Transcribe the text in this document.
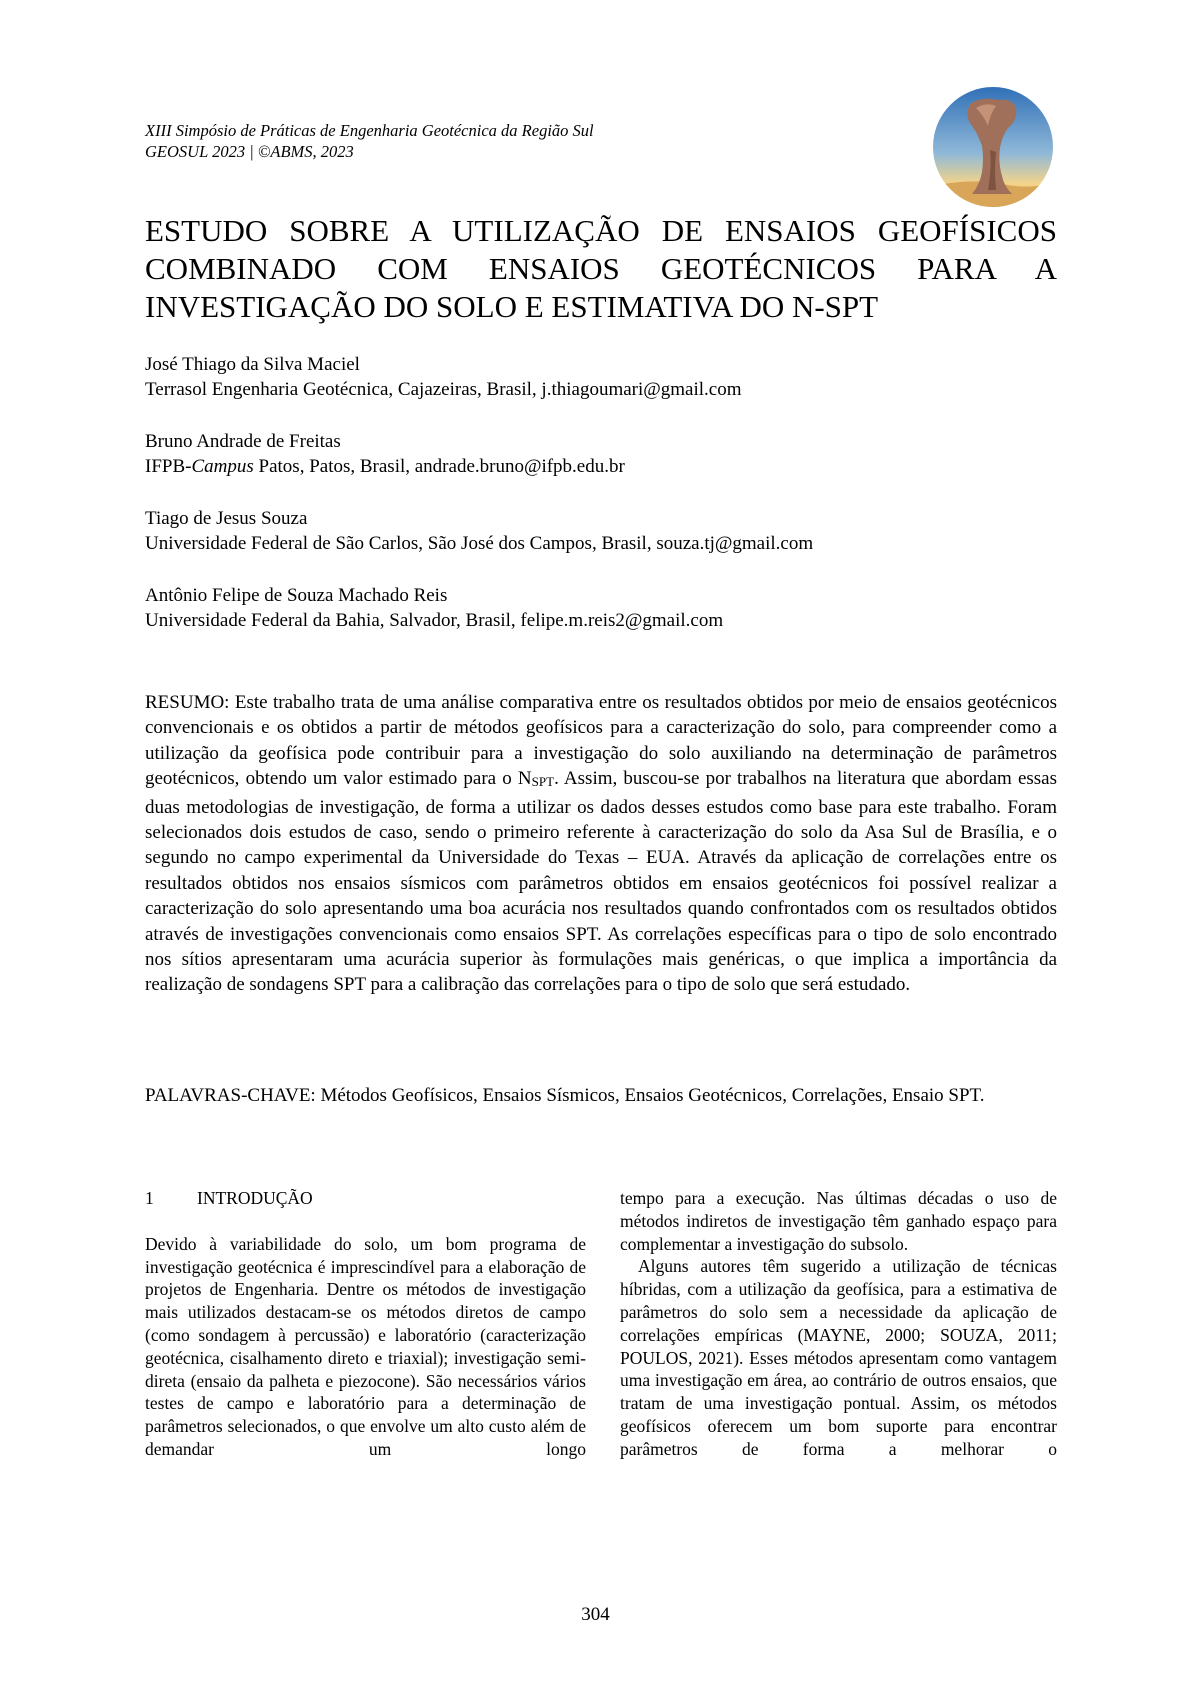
XIII Simpósio de Práticas de Engenharia Geotécnica da Região Sul
GEOSUL 2023 | ©ABMS, 2023
ESTUDO SOBRE A UTILIZAÇÃO DE ENSAIOS GEOFÍSICOS
COMBINADO COM ENSAIOS GEOTÉCNICOS PARA A
INVESTIGAÇÃO DO SOLO E ESTIMATIVA DO N-SPT
José Thiago da Silva Maciel
Terrasol Engenharia Geotécnica, Cajazeiras, Brasil, j.thiagoumari@gmail.com
Bruno Andrade de Freitas
IFPB-Campus Patos, Patos, Brasil, andrade.bruno@ifpb.edu.br
Tiago de Jesus Souza
Universidade Federal de São Carlos, São José dos Campos, Brasil, souza.tj@gmail.com
Antônio Felipe de Souza Machado Reis
Universidade Federal da Bahia, Salvador, Brasil, felipe.m.reis2@gmail.com

RESUMO: Este trabalho trata de uma análise comparativa entre os resultados obtidos por meio de ensaios geotécnicos convencionais e os obtidos a partir de métodos geofísicos para a caracterização do solo, para compreender como a utilização da geofísica pode contribuir para a investigação do solo auxiliando na determinação de parâmetros geotécnicos, obtendo um valor estimado para o $N_{SPT}$. Assim, buscou-se por trabalhos na literatura que abordam essas duas metodologias de investigação, de forma a utilizar os dados desses estudos como base para este trabalho. Foram selecionados dois estudos de caso, sendo o primeiro referente à caracterização do solo da Asa Sul de Brasília, e o segundo no campo experimental da Universidade do Texas – EUA. Através da aplicação de correlações entre os resultados obtidos nos ensaios sísmicos com parâmetros obtidos em ensaios geotécnicos foi possível realizar a caracterização do solo apresentando uma boa acurácia nos resultados quando confrontados com os resultados obtidos através de investigações convencionais como ensaios SPT. As correlações específicas para o tipo de solo encontrado nos sítios apresentaram uma acurácia superior às formulações mais genéricas, o que implica a importância da realização de sondagens SPT para a calibração das correlações para o tipo de solo que será estudado.

PALAVRAS-CHAVE: Métodos Geofísicos, Ensaios Sísmicos, Ensaios Geotécnicos, Correlações, Ensaio SPT.

1 INTRODUÇÃO

Devido à variabilidade do solo, um bom programa de investigação geotécnica é imprescindível para a elaboração de projetos de Engenharia. Dentre os métodos de investigação mais utilizados destacam-se os métodos diretos de campo (como sondagem à percussão) e laboratório (caracterização geotécnica, cisalhamento direto e triaxial); investigação semi-direta (ensaio da palheta e piezocone). São necessários vários testes de campo e laboratório para a determinação de parâmetros selecionados, o que envolve um alto custo além de demandar um longo

tempo para a execução. Nas últimas décadas o uso de métodos indiretos de investigação têm ganhado espaço para complementar a investigação do subsolo.

Alguns autores têm sugerido a utilização de técnicas híbridas, com a utilização da geofísica, para a estimativa de parâmetros do solo sem a necessidade da aplicação de correlações empíricas (MAYNE, 2000; SOUZA, 2011; POULOS, 2021). Esses métodos apresentam como vantagem uma investigação em área, ao contrário de outros ensaios, que tratam de uma investigação pontual. Assim, os métodos geofísicos oferecem um bom suporte para encontrar parâmetros de forma a melhorar o

304
